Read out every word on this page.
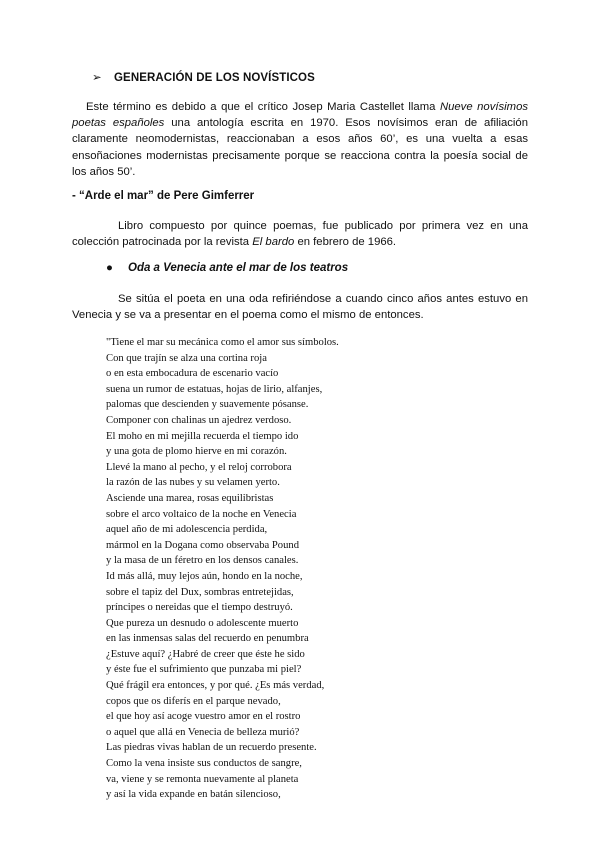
➢ GENERACIÓN DE LOS NOVÍSTICOS

Este término es debido a que el crítico Josep Maria Castellet llama Nueve novísimos poetas españoles una antología escrita en 1970. Esos novísimos eran de afiliación claramente neomodernistas, reaccionaban a esos años 60’, es una vuelta a esas ensoñaciones modernistas precisamente porque se reacciona contra la poesía social de los años 50’.

- “Arde el mar” de Pere Gimferrer

Libro compuesto por quince poemas, fue publicado por primera vez en una colección patrocinada por la revista El bardo en febrero de 1966.

● Oda a Venecia ante el mar de los teatros

Se sitúa el poeta en una oda refiriéndose a cuando cinco años antes estuvo en Venecia y se va a presentar en el poema como el mismo de entonces.

"Tiene el mar su mecánica como el amor sus símbolos.
Con que trajín se alza una cortina roja
o en esta embocadura de escenario vacío
suena un rumor de estatuas, hojas de lirio, alfanjes,
palomas que descienden y suavemente pósanse.
Componer con chalinas un ajedrez verdoso.
El moho en mi mejilla recuerda el tiempo ido
y una gota de plomo hierve en mi corazón.
Llevé la mano al pecho, y el reloj corrobora
la razón de las nubes y su velamen yerto.
Asciende una marea, rosas equilibristas
sobre el arco voltaico de la noche en Venecia
aquel año de mi adolescencia perdida,
mármol en la Dogana como observaba Pound
y la masa de un féretro en los densos canales.
Id más allá, muy lejos aún, hondo en la noche,
sobre el tapiz del Dux, sombras entretejidas,
príncipes o nereidas que el tiempo destruyó.
Que pureza un desnudo o adolescente muerto
en las inmensas salas del recuerdo en penumbra
¿Estuve aquí? ¿Habré de creer que éste he sido
y éste fue el sufrimiento que punzaba mi piel?
Qué frágil era entonces, y por qué. ¿Es más verdad,
copos que os diferís en el parque nevado,
el que hoy así acoge vuestro amor en el rostro
o aquel que allá en Venecia de belleza murió?
Las piedras vivas hablan de un recuerdo presente.
Como la vena insiste sus conductos de sangre,
va, viene y se remonta nuevamente al planeta
y así la vida expande en batán silencioso,
